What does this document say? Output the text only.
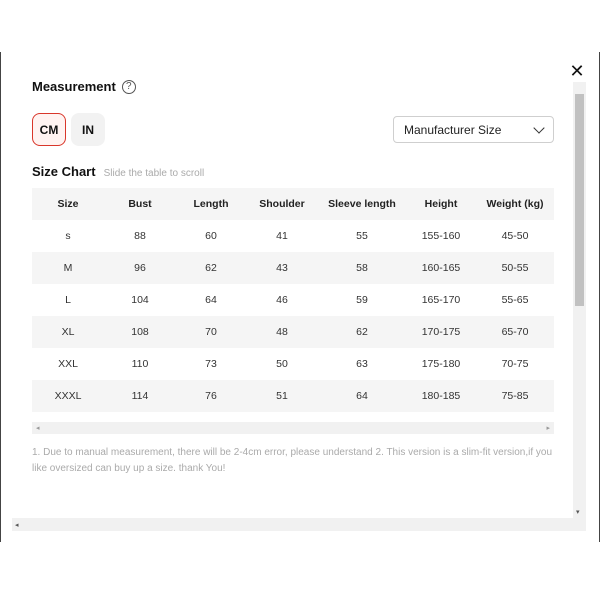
✕
Measurement	?
CM IN	Manufacturer Size
Size Chart Slide the table to scroll
Size	Bust	Length	Shoulder	Sleeve length	Height	Weight (kg)
s	88	60	41	55	155-160	45-50
M	96	62	43	58	160-165	50-55
L	104	64	46	59	165-170	55-65
XL	108	70	48	62	170-175	65-70
XXL	110	73	50	63	175-180	70-75
XXXL	114	76	51	64	180-185	75-85
◂	▸
1. Due to manual measurement, there will be 2-4cm error, please understand 2. This version is a slim-fit version,if you like oversized can buy up a size. thank You!
▾
◂
